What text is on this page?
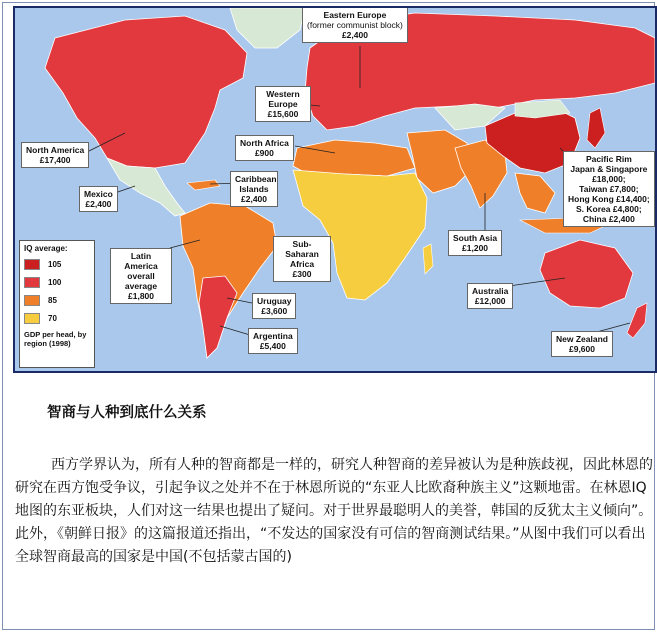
Eastern Europe
(former communist block)
£2,400
Western Europe
£15,600
North America
£17,400
North Africa
£900
Mexico
£2,400
Caribbean Islands
£2,400
Pacific Rim
Japan & Singapore
£18,000;
Taiwan £7,800;
Hong Kong £14,400;
S. Korea £4,800;
China £2,400
Sub-Saharan Africa
£300
Latin America overall average
£1,800
South Asia
£1,200
Uruguay
£3,600
Australia
£12,000
Argentina
£5,400
New Zealand
£9,600
IQ average:
105
100
85
70
GDP per head, by region (1998)
智商与人种到底什么关系

西方学界认为，所有人种的智商都是一样的，研究人种智商的差异被认为是种族歧视，因此林恩的研究在西方饱受争议，引起争议之处并不在于林恩所说的“东亚人比欧裔种族主义”这颗地雷。在林恩IQ地图的东亚板块，人们对这一结果也提出了疑问。对于世界最聪明人的美誉，韩国的反犹太主义倾向”。此外，《朝鲜日报》的这篇报道还指出，“不发达的国家没有可信的智商测试结果。”从图中我们可以看出 全球智商最高的国家是中国(不包括蒙古国的)
